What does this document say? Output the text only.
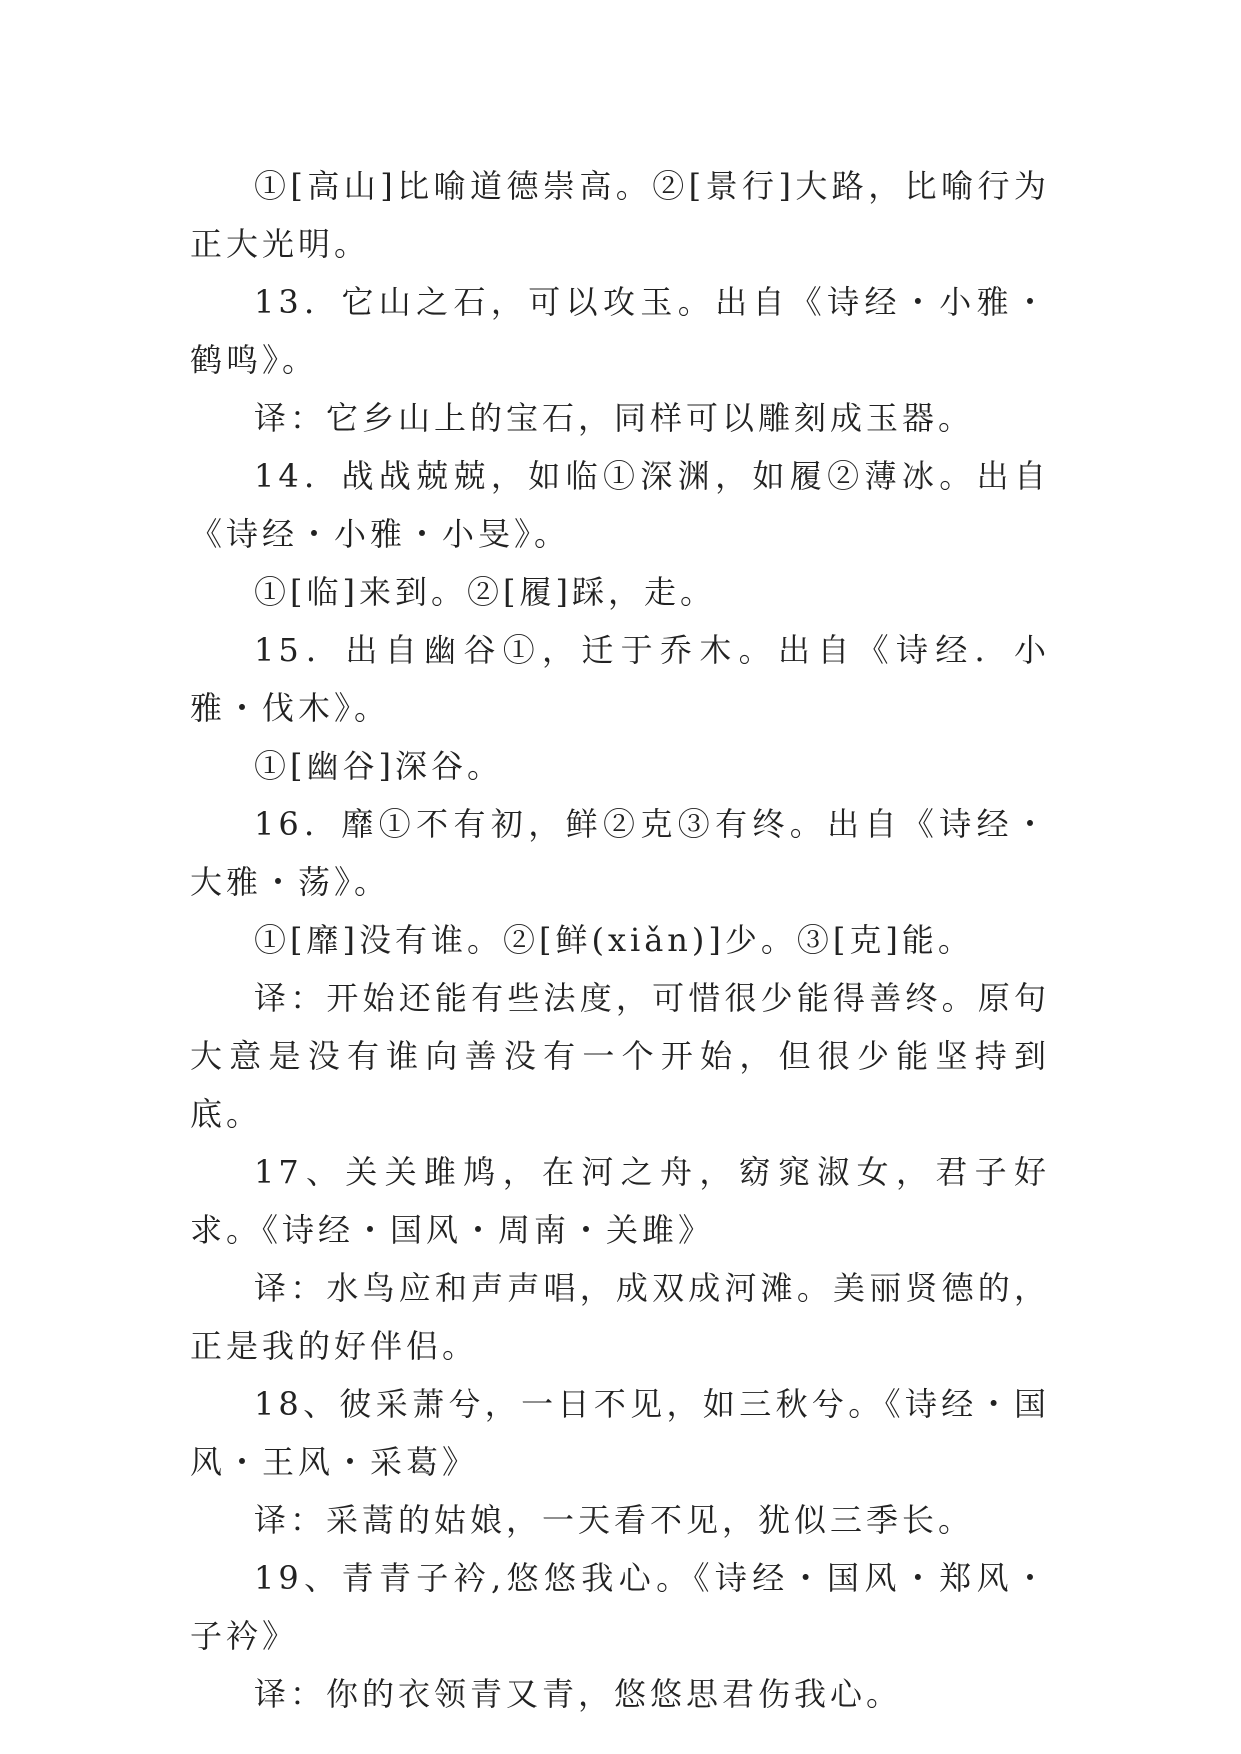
①[高山]比喻道德崇高。②[景行]大路，比喻行为正大光明。

13．它山之石，可以攻玉。出自《诗经・小雅・鹤鸣》。

译：它乡山上的宝石，同样可以雕刻成玉器。

14．战战兢兢，如临①深渊，如履②薄冰。出自《诗经・小雅・小旻》。

①[临]来到。②[履]踩，走。

15．出自幽谷①，迁于乔木。出自《诗经．小雅・伐木》。

①[幽谷]深谷。

16．靡①不有初，鲜②克③有终。出自《诗经・大雅・荡》。

①[靡]没有谁。②[鲜(xiǎn)]少。③[克]能。

译：开始还能有些法度，可惜很少能得善终。原句大意是没有谁向善没有一个开始，但很少能坚持到底。

17、关关雎鸠，在河之舟，窈窕淑女，君子好求。《诗经・国风・周南・关雎》

译：水鸟应和声声唱，成双成河滩。美丽贤德的，正是我的好伴侣。

18、彼采萧兮，一日不见，如三秋兮。《诗经・国风・王风・采葛》

译：采蒿的姑娘，一天看不见，犹似三季长。

19、青青子衿,悠悠我心。《诗经・国风・郑风・子衿》

译：你的衣领青又青，悠悠思君伤我心。
